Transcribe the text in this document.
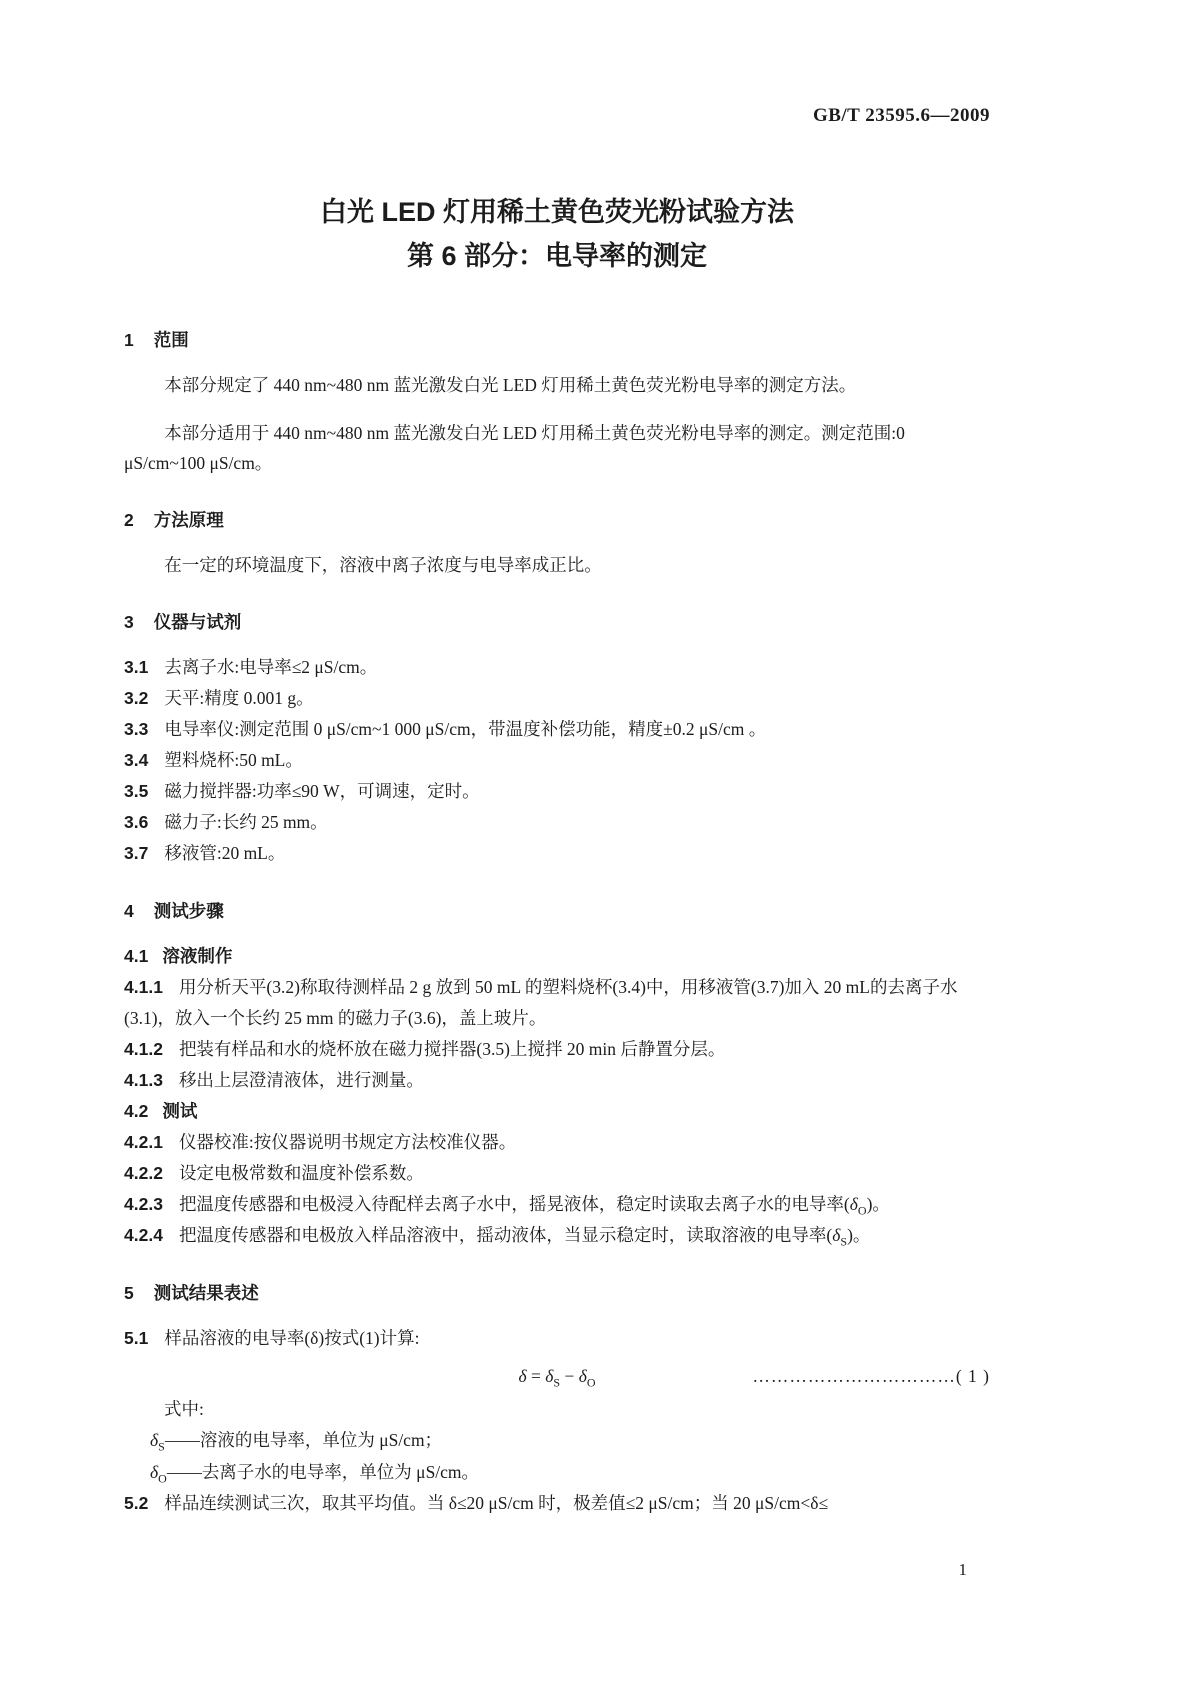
GB/T 23595.6—2009
白光 LED 灯用稀土黄色荧光粉试验方法
第 6 部分：电导率的测定
1 范围

本部分规定了 440 nm~480 nm 蓝光激发白光 LED 灯用稀土黄色荧光粉电导率的测定方法。

本部分适用于 440 nm~480 nm 蓝光激发白光 LED 灯用稀土黄色荧光粉电导率的测定。测定范围:0 μS/cm~100 μS/cm。

2 方法原理

在一定的环境温度下，溶液中离子浓度与电导率成正比。

3 仪器与试剂
3.1 去离子水:电导率≤2 μS/cm。
3.2 天平:精度 0.001 g。
3.3 电导率仪:测定范围 0 μS/cm~1 000 μS/cm，带温度补偿功能，精度±0.2 μS/cm 。
3.4 塑料烧杯:50 mL。
3.5 磁力搅拌器:功率≤90 W，可调速，定时。
3.6 磁力子:长约 25 mm。
3.7 移液管:20 mL。
4 测试步骤
4.1 溶液制作
4.1.1 用分析天平(3.2)称取待测样品 2 g 放到 50 mL 的塑料烧杯(3.4)中，用移液管(3.7)加入 20 mL的去离子水(3.1)，放入一个长约 25 mm 的磁力子(3.6)，盖上玻片。
4.1.2 把装有样品和水的烧杯放在磁力搅拌器(3.5)上搅拌 20 min 后静置分层。
4.1.3 移出上层澄清液体，进行测量。
4.2 测试
4.2.1 仪器校准:按仪器说明书规定方法校准仪器。
4.2.2 设定电极常数和温度补偿系数。
4.2.3 把温度传感器和电极浸入待配样去离子水中，摇晃液体，稳定时读取去离子水的电导率$(\delta_O)$。
4.2.4 把温度传感器和电极放入样品溶液中，摇动液体，当显示稳定时，读取溶液的电导率$(\delta_S)$。
5 测试结果表述
5.1 样品溶液的电导率(δ)按式(1)计算:
$\delta = \delta_S - \delta_O$	……………………………( 1 )
式中:
$\delta_S——$溶液的电导率，单位为 μS/cm；
$\delta_O——$去离子水的电导率，单位为 μS/cm。
5.2 样品连续测试三次，取其平均值。当 δ≤20 μS/cm 时，极差值≤2 μS/cm；当 20 μS/cm<δ≤
1
